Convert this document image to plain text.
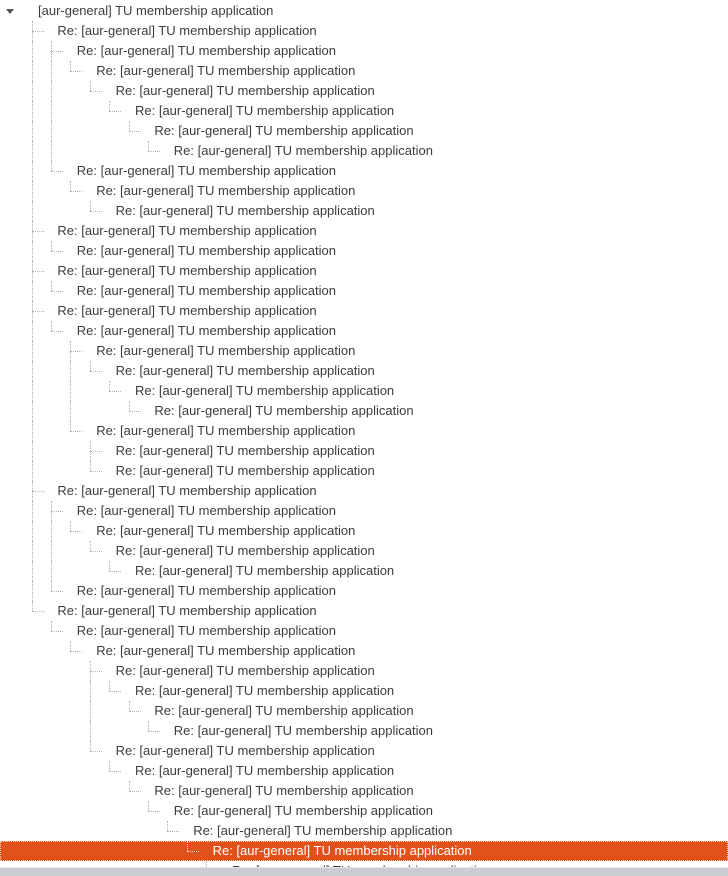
[aur-general] TU membership application
Re: [aur-general] TU membership application
Re: [aur-general] TU membership application
Re: [aur-general] TU membership application
Re: [aur-general] TU membership application
Re: [aur-general] TU membership application
Re: [aur-general] TU membership application
Re: [aur-general] TU membership application
Re: [aur-general] TU membership application
Re: [aur-general] TU membership application
Re: [aur-general] TU membership application
Re: [aur-general] TU membership application
Re: [aur-general] TU membership application
Re: [aur-general] TU membership application
Re: [aur-general] TU membership application
Re: [aur-general] TU membership application
Re: [aur-general] TU membership application
Re: [aur-general] TU membership application
Re: [aur-general] TU membership application
Re: [aur-general] TU membership application
Re: [aur-general] TU membership application
Re: [aur-general] TU membership application
Re: [aur-general] TU membership application
Re: [aur-general] TU membership application
Re: [aur-general] TU membership application
Re: [aur-general] TU membership application
Re: [aur-general] TU membership application
Re: [aur-general] TU membership application
Re: [aur-general] TU membership application
Re: [aur-general] TU membership application
Re: [aur-general] TU membership application
Re: [aur-general] TU membership application
Re: [aur-general] TU membership application
Re: [aur-general] TU membership application
Re: [aur-general] TU membership application
Re: [aur-general] TU membership application
Re: [aur-general] TU membership application
Re: [aur-general] TU membership application
Re: [aur-general] TU membership application
Re: [aur-general] TU membership application
Re: [aur-general] TU membership application
Re: [aur-general] TU membership application
Re: [aur-general] TU membership application
